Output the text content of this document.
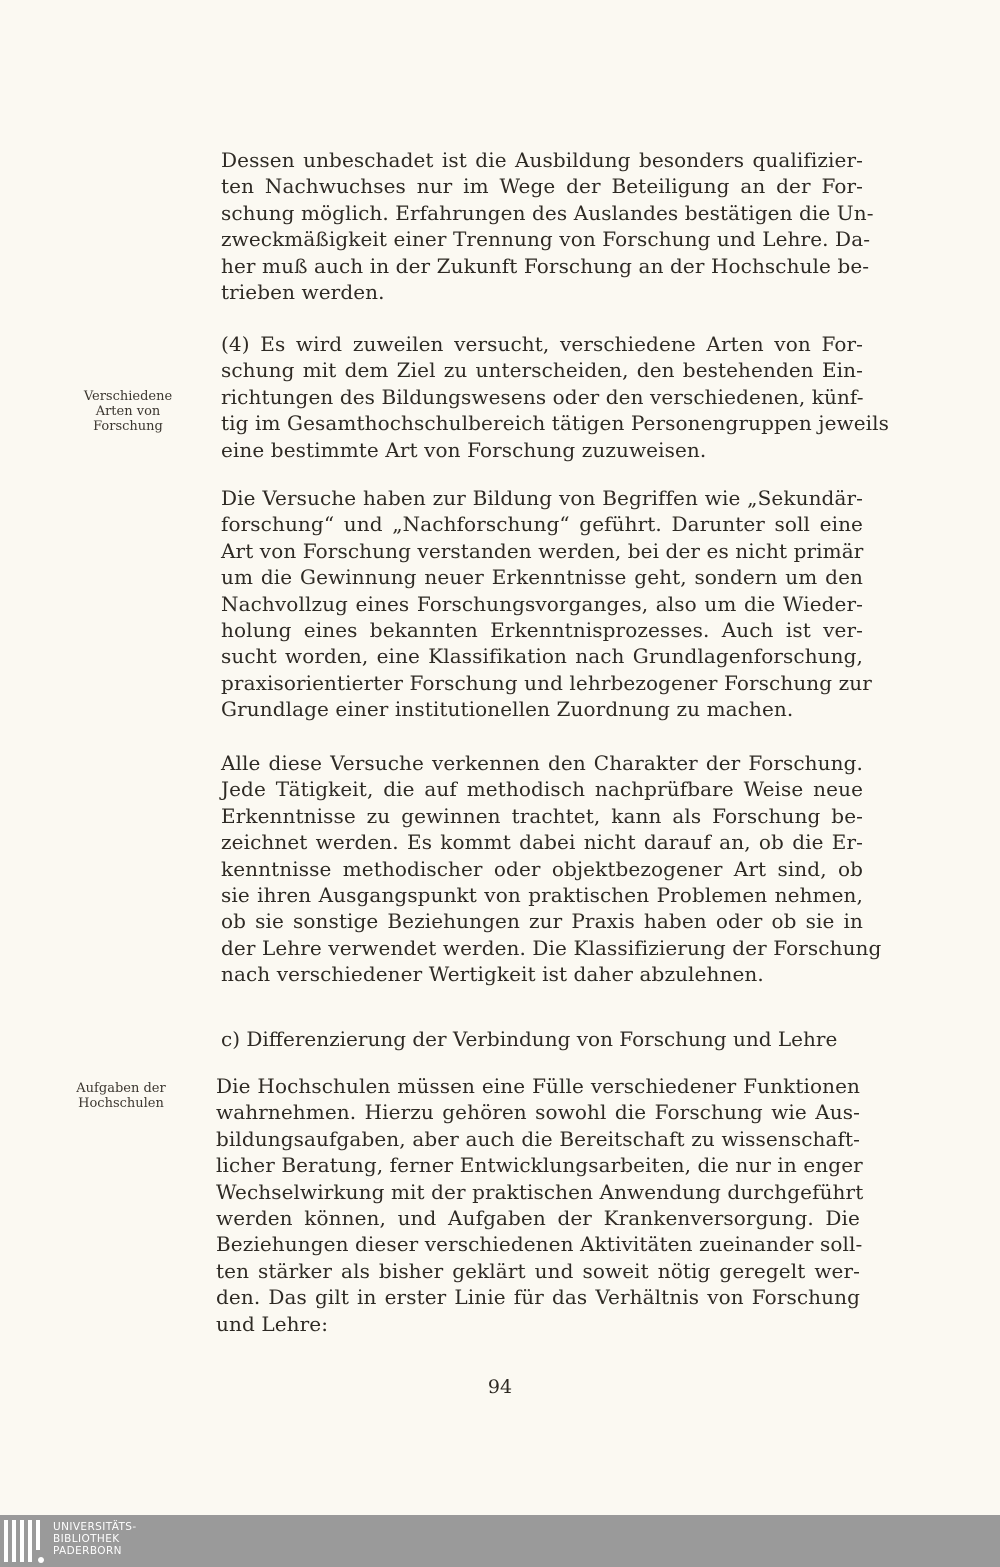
Dessen unbeschadet ist die Ausbildung besonders qualifizier-
ten Nachwuchses nur im Wege der Beteiligung an der For-
schung möglich. Erfahrungen des Auslandes bestätigen die Un-
zweckmäßigkeit einer Trennung von Forschung und Lehre. Da-
her muß auch in der Zukunft Forschung an der Hochschule be-
trieben werden.
(4) Es wird zuweilen versucht, verschiedene Arten von For-
schung mit dem Ziel zu unterscheiden, den bestehenden Ein-
richtungen des Bildungswesens oder den verschiedenen, künf-
tig im Gesamthochschulbereich tätigen Personengruppen jeweils
eine bestimmte Art von Forschung zuzuweisen.
Verschiedene
Arten von
Forschung
Die Versuche haben zur Bildung von Begriffen wie „Sekundär-
forschung“ und „Nachforschung“ geführt. Darunter soll eine
Art von Forschung verstanden werden, bei der es nicht primär
um die Gewinnung neuer Erkenntnisse geht, sondern um den
Nachvollzug eines Forschungsvorganges, also um die Wieder-
holung eines bekannten Erkenntnisprozesses. Auch ist ver-
sucht worden, eine Klassifikation nach Grundlagenforschung,
praxisorientierter Forschung und lehrbezogener Forschung zur
Grundlage einer institutionellen Zuordnung zu machen.
Alle diese Versuche verkennen den Charakter der Forschung.
Jede Tätigkeit, die auf methodisch nachprüfbare Weise neue
Erkenntnisse zu gewinnen trachtet, kann als Forschung be-
zeichnet werden. Es kommt dabei nicht darauf an, ob die Er-
kenntnisse methodischer oder objektbezogener Art sind, ob
sie ihren Ausgangspunkt von praktischen Problemen nehmen,
ob sie sonstige Beziehungen zur Praxis haben oder ob sie in
der Lehre verwendet werden. Die Klassifizierung der Forschung
nach verschiedener Wertigkeit ist daher abzulehnen.
c) Differenzierung der Verbindung von Forschung und Lehre
Aufgaben der
Hochschulen
Die Hochschulen müssen eine Fülle verschiedener Funktionen
wahrnehmen. Hierzu gehören sowohl die Forschung wie Aus-
bildungsaufgaben, aber auch die Bereitschaft zu wissenschaft-
licher Beratung, ferner Entwicklungsarbeiten, die nur in enger
Wechselwirkung mit der praktischen Anwendung durchgeführt
werden können, und Aufgaben der Krankenversorgung. Die
Beziehungen dieser verschiedenen Aktivitäten zueinander soll-
ten stärker als bisher geklärt und soweit nötig geregelt wer-
den. Das gilt in erster Linie für das Verhältnis von Forschung
und Lehre:
94
UNIVERSITÄTS-
BIBLIOTHEK
PADERBORN
